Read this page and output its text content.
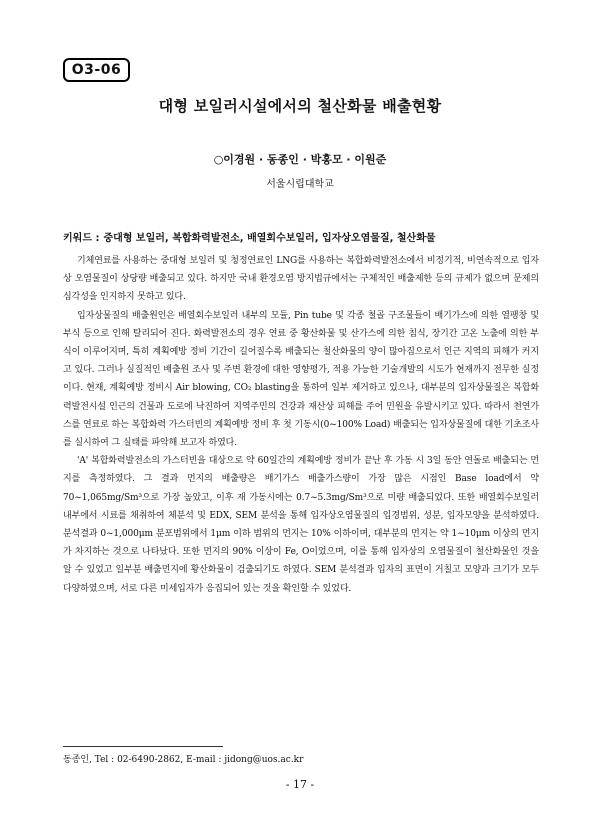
O3-06
대형 보일러시설에서의 철산화물 배출현황
○이경원 · 동종인 · 박홍모 · 이원준
서울시립대학교
키워드 : 중대형 보일러, 복합화력발전소, 배열회수보일러, 입자상오염물질, 철산화물

기체연료를 사용하는 중대형 보일러 및 청정연료인 LNG를 사용하는 복합화력발전소에서 비정기적, 비연속적으로 입자상 오염물질이 상당량 배출되고 있다. 하지만 국내 환경오염 방지법규에서는 구체적인 배출제한 등의 규제가 없으며 문제의 심각성을 인지하지 못하고 있다.

입자상물질의 배출원인은 배열회수보일러 내부의 모듈, Pin tube 및 각종 철골 구조물들이 배기가스에 의한 열팽창 및 부식 등으로 인해 탈리되어 진다. 화력발전소의 경우 연료 중 황산화물 및 산가스에 의한 침식, 장기간 고온 노출에 의한 부식이 이루어지며, 특히 계획예방 정비 기간이 길어질수록 배출되는 철산화물의 양이 많아짐으로서 인근 지역의 피해가 커지고 있다. 그러나 실질적인 배출원 조사 및 주변 환경에 대한 영향평가, 적용 가능한 기술개발의 시도가 현재까지 전무한 실정이다. 현재, 계획예방 정비시 Air blowing, CO₂ blasting을 통하여 일부 제거하고 있으나, 대부분의 입자상물질은 복합화력발전시설 인근의 건물과 도로에 낙진하여 지역주민의 건강과 재산상 피해를 주어 민원을 유발시키고 있다. 따라서 천연가스를 연료로 하는 복합화력 가스터빈의 계획예방 정비 후 첫 기동시(0~100% Load) 배출되는 입자상물질에 대한 기초조사를 실시하여 그 실태를 파악해 보고자 하였다.

'A' 복합화력발전소의 가스터빈을 대상으로 약 60일간의 계획예방 정비가 끝난 후 가동 시 3일 동안 연돌로 배출되는 먼지를 측정하였다. 그 결과 먼지의 배출량은 배기가스 배출가스량이 가장 많은 시점인 Base load에서 약 70~1,065mg/Sm³으로 가장 높았고, 이후 재 가동시에는 0.7~5.3mg/Sm³으로 미량 배출되었다. 또한 배열회수보일러 내부에서 시료를 채취하여 체분석 및 EDX, SEM 분석을 통해 입자상오염물질의 입경범위, 성분, 입자모양을 분석하였다. 분석결과 0~1,000μm 분포범위에서 1μm 이하 범위의 먼지는 10% 이하이며, 대부분의 먼지는 약 1~10μm 이상의 먼지가 차지하는 것으로 나타났다. 또한 먼지의 90% 이상이 Fe, O이었으며, 이를 통해 입자상의 오염물질이 철산화물인 것을 알 수 있었고 일부분 배출먼지에 황산화물이 검출되기도 하였다. SEM 분석결과 입자의 표면이 거칠고 모양과 크기가 모두 다양하였으며, 서로 다른 미세입자가 응집되어 있는 것을 확인할 수 있었다.

동종인, Tel : 02-6490-2862, E-mail : jidong@uos.ac.kr
- 17 -
